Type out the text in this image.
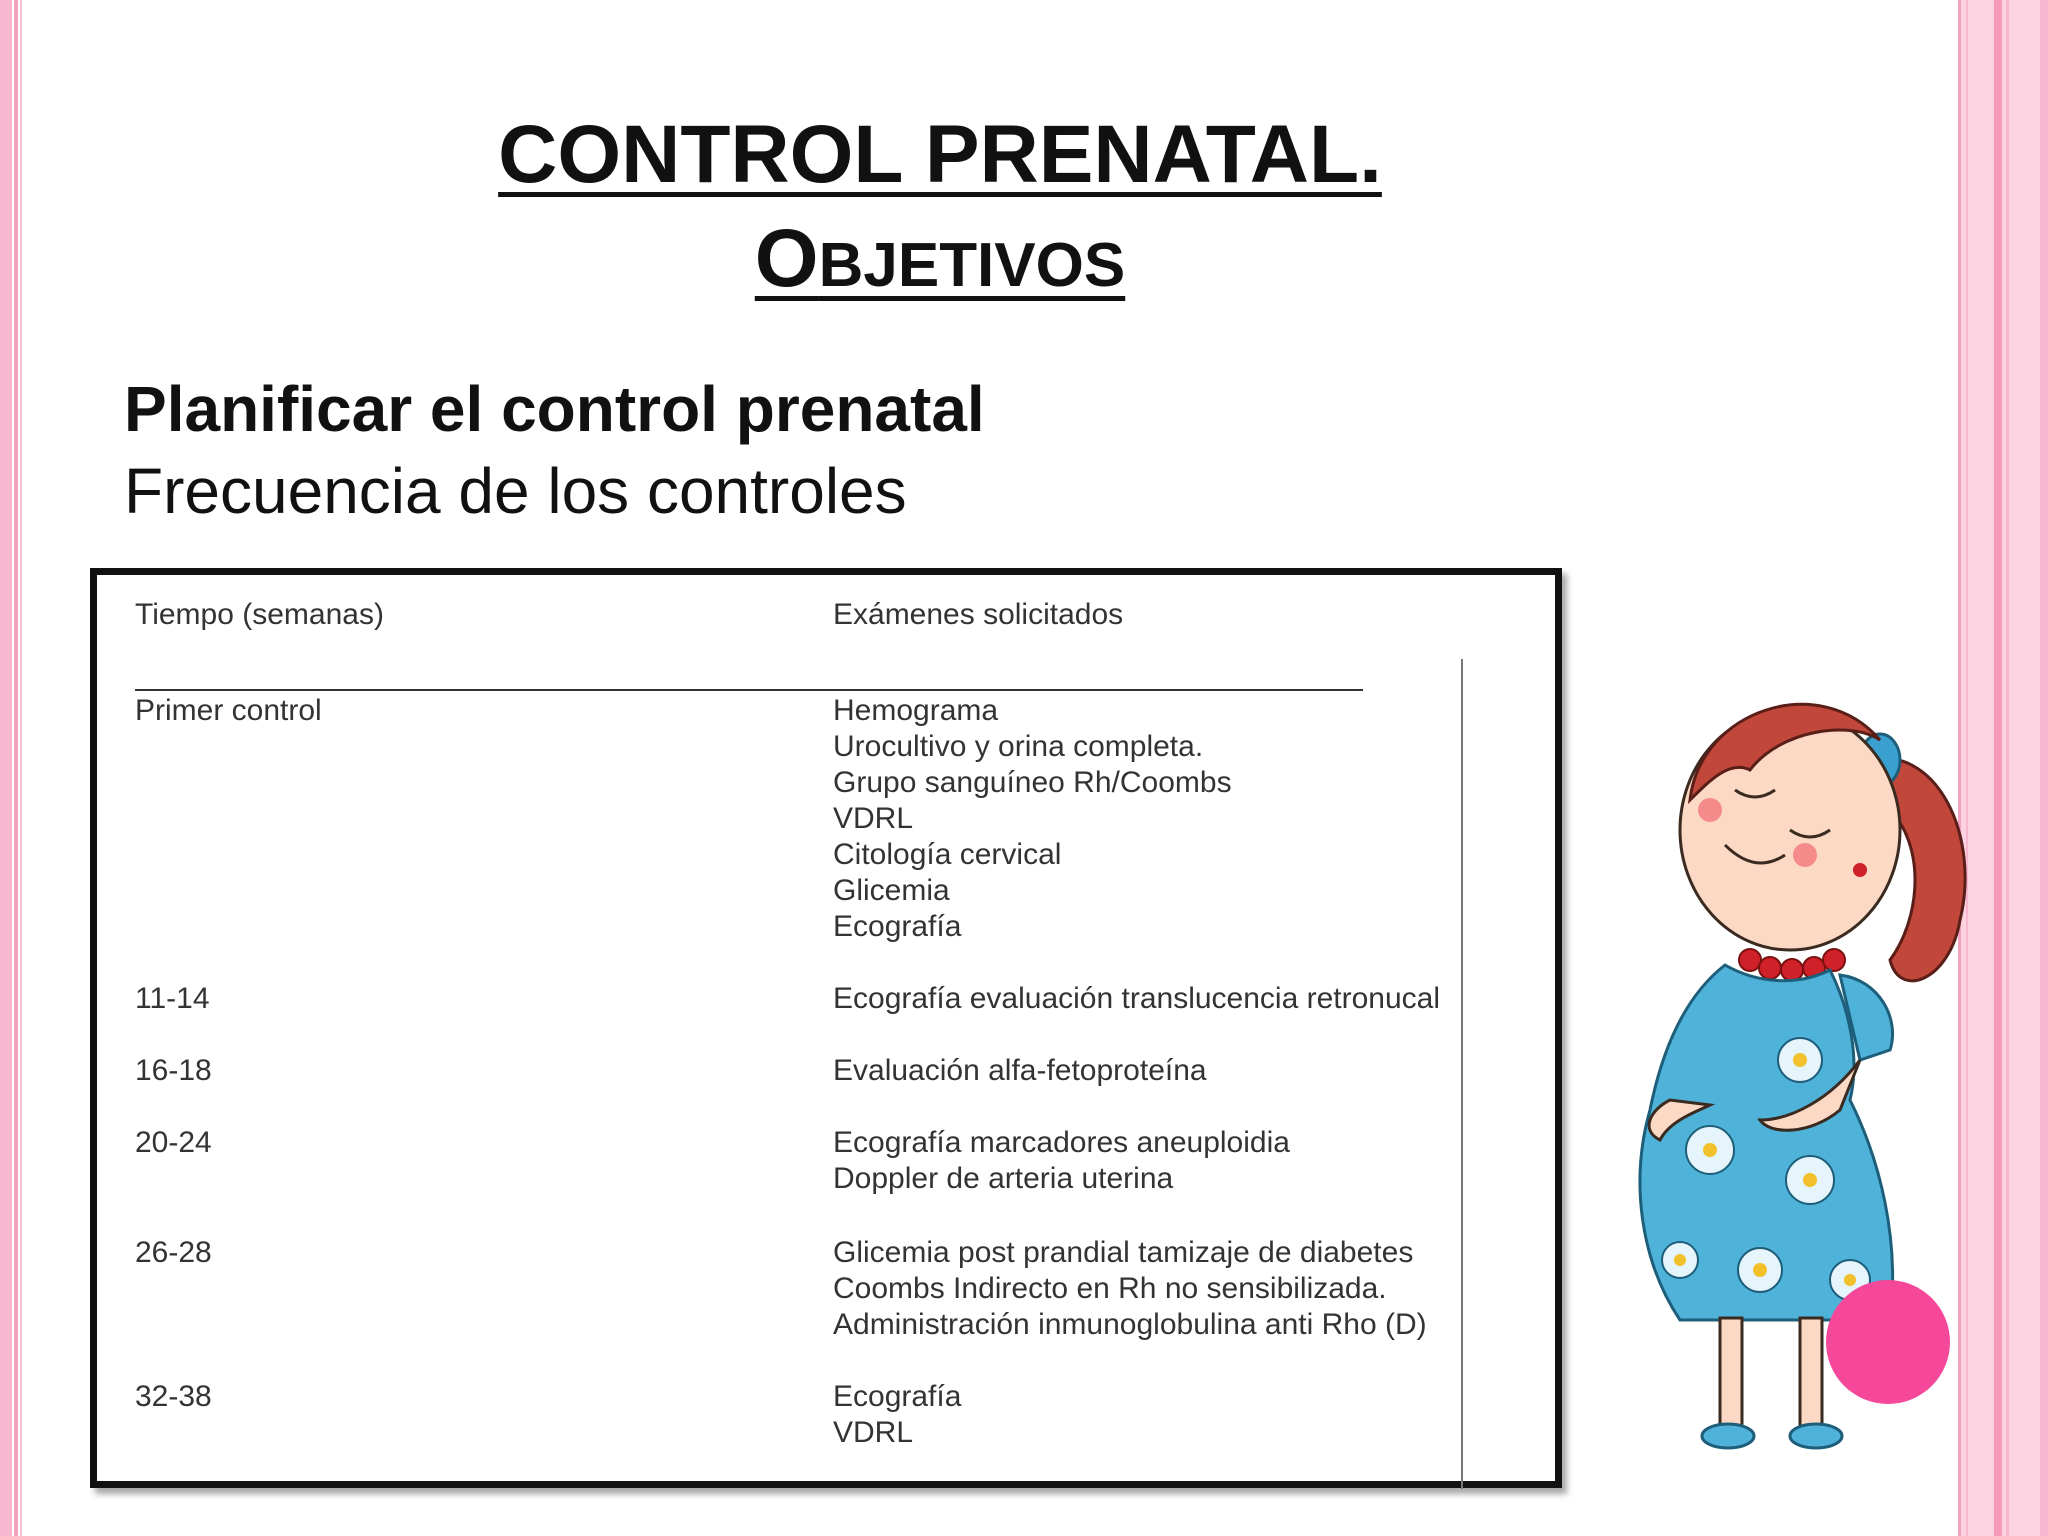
CONTROL PRENATAL.
OBJETIVOS
Planificar el control prenatal
Frecuencia de los controles
Tiempo (semanas)	Exámenes solicitados
Primer control	Hemograma
Urocultivo y orina completa.
Grupo sanguíneo Rh/Coombs
VDRL
Citología cervical
Glicemia
Ecografía
11-14	Ecografía evaluación translucencia retronucal
16-18	Evaluación alfa-fetoproteína
20-24	Ecografía marcadores aneuploidia
Doppler de arteria uterina
26-28	Glicemia post prandial tamizaje de diabetes
Coombs Indirecto en Rh no sensibilizada.
Administración inmunoglobulina anti Rho (D)
32-38	Ecografía
VDRL
